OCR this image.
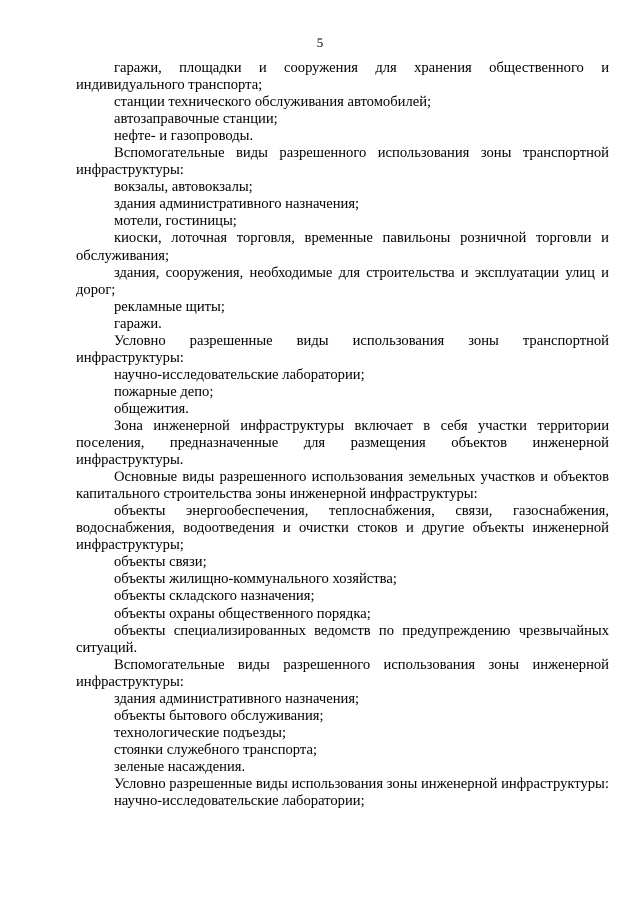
5

гаражи, площадки и сооружения для хранения общественного и индивидуального транспорта;

станции технического обслуживания автомобилей;

автозаправочные станции;

нефте- и газопроводы.

Вспомогательные виды разрешенного использования зоны транспортной инфраструктуры:

вокзалы, автовокзалы;

здания административного назначения;

мотели, гостиницы;

киоски, лоточная торговля, временные павильоны розничной торговли и обслуживания;

здания, сооружения, необходимые для строительства и эксплуатации улиц и дорог;

рекламные щиты;

гаражи.

Условно разрешенные виды использования зоны транспортной инфраструктуры:

научно-исследовательские лаборатории;

пожарные депо;

общежития.

Зона инженерной инфраструктуры включает в себя участки территории поселения, предназначенные для размещения объектов инженерной инфраструктуры.

Основные виды разрешенного использования земельных участков и объектов капитального строительства зоны инженерной инфраструктуры:

объекты энергообеспечения, теплоснабжения, связи, газоснабжения, водоснабжения, водоотведения и очистки стоков и другие объекты инженерной инфраструктуры;

объекты связи;

объекты жилищно-коммунального хозяйства;

объекты складского назначения;

объекты охраны общественного порядка;

объекты специализированных ведомств по предупреждению чрезвычайных ситуаций.

Вспомогательные виды разрешенного использования зоны инженерной инфраструктуры:

здания административного назначения;

объекты бытового обслуживания;

технологические подъезды;

стоянки служебного транспорта;

зеленые насаждения.

Условно разрешенные виды использования зоны инженерной инфраструктуры:

научно-исследовательские лаборатории;
